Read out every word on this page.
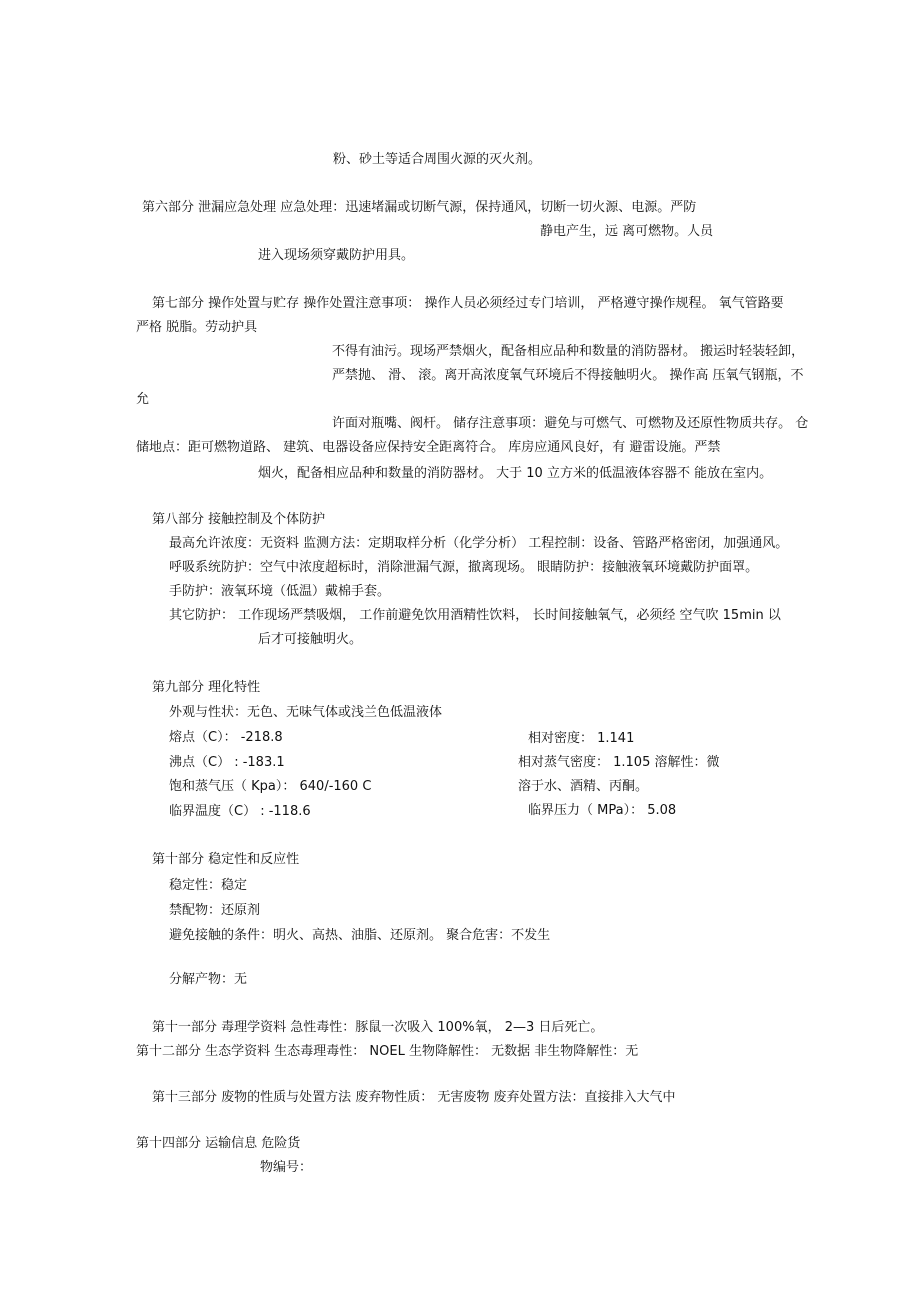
粉、砂土等适合周围火源的灭火剂。
第六部分 泄漏应急处理 应急处理：迅速堵漏或切断气源，保持通风，切断一切火源、电源。严防
静电产生，远 离可燃物。人员
进入现场须穿戴防护用具。
第七部分 操作处置与贮存 操作处置注意事项： 操作人员必须经过专门培训， 严格遵守操作规程。 氧气管路要
严格 脱脂。劳动护具
不得有油污。现场严禁烟火，配备相应品种和数量的消防器材。 搬运时轻装轻卸，
严禁抛、 滑、 滚。离开高浓度氧气环境后不得接触明火。 操作高 压氧气钢瓶，不
允
许面对瓶嘴、阀杆。 储存注意事项：避免与可燃气、可燃物及还原性物质共存。 仓
储地点：距可燃物道路、 建筑、电器设备应保持安全距离符合。 库房应通风良好，有 避雷设施。严禁
烟火，配备相应品种和数量的消防器材。 大于 10 立方米的低温液体容器不 能放在室内。
第八部分 接触控制及个体防护
最高允许浓度：无资料 监测方法：定期取样分析（化学分析） 工程控制：设备、管路严格密闭，加强通风。
呼吸系统防护：空气中浓度超标时，消除泄漏气源，撤离现场。 眼睛防护：接触液氧环境戴防护面罩。
手防护：液氧环境（低温）戴棉手套。
其它防护： 工作现场严禁吸烟， 工作前避免饮用酒精性饮料， 长时间接触氧气，必须经 空气吹 15min 以
后才可接触明火。
第九部分 理化特性
外观与性状：无色、无味气体或浅兰色低温液体
熔点（C）： -218.8	相对密度： 1.141
沸点（C） : -183.1	相对蒸气密度： 1.105 溶解性：微
饱和蒸气压（ Kpa）： 640/-160 C	溶于水、酒精、丙酮。
临界温度（C） : -118.6	临界压力（ MPa）： 5.08
第十部分 稳定性和反应性
稳定性：稳定
禁配物：还原剂
避免接触的条件：明火、高热、油脂、还原剂。 聚合危害：不发生
分解产物：无
第十一部分 毒理学资料 急性毒性：豚鼠一次吸入 100%氧， 2—3 日后死亡。
第十二部分 生态学资料 生态毒理毒性： NOEL 生物降解性： 无数据 非生物降解性：无
第十三部分 废物的性质与处置方法 废弃物性质： 无害废物 废弃处置方法：直接排入大气中
第十四部分 运输信息 危险货
物编号：
